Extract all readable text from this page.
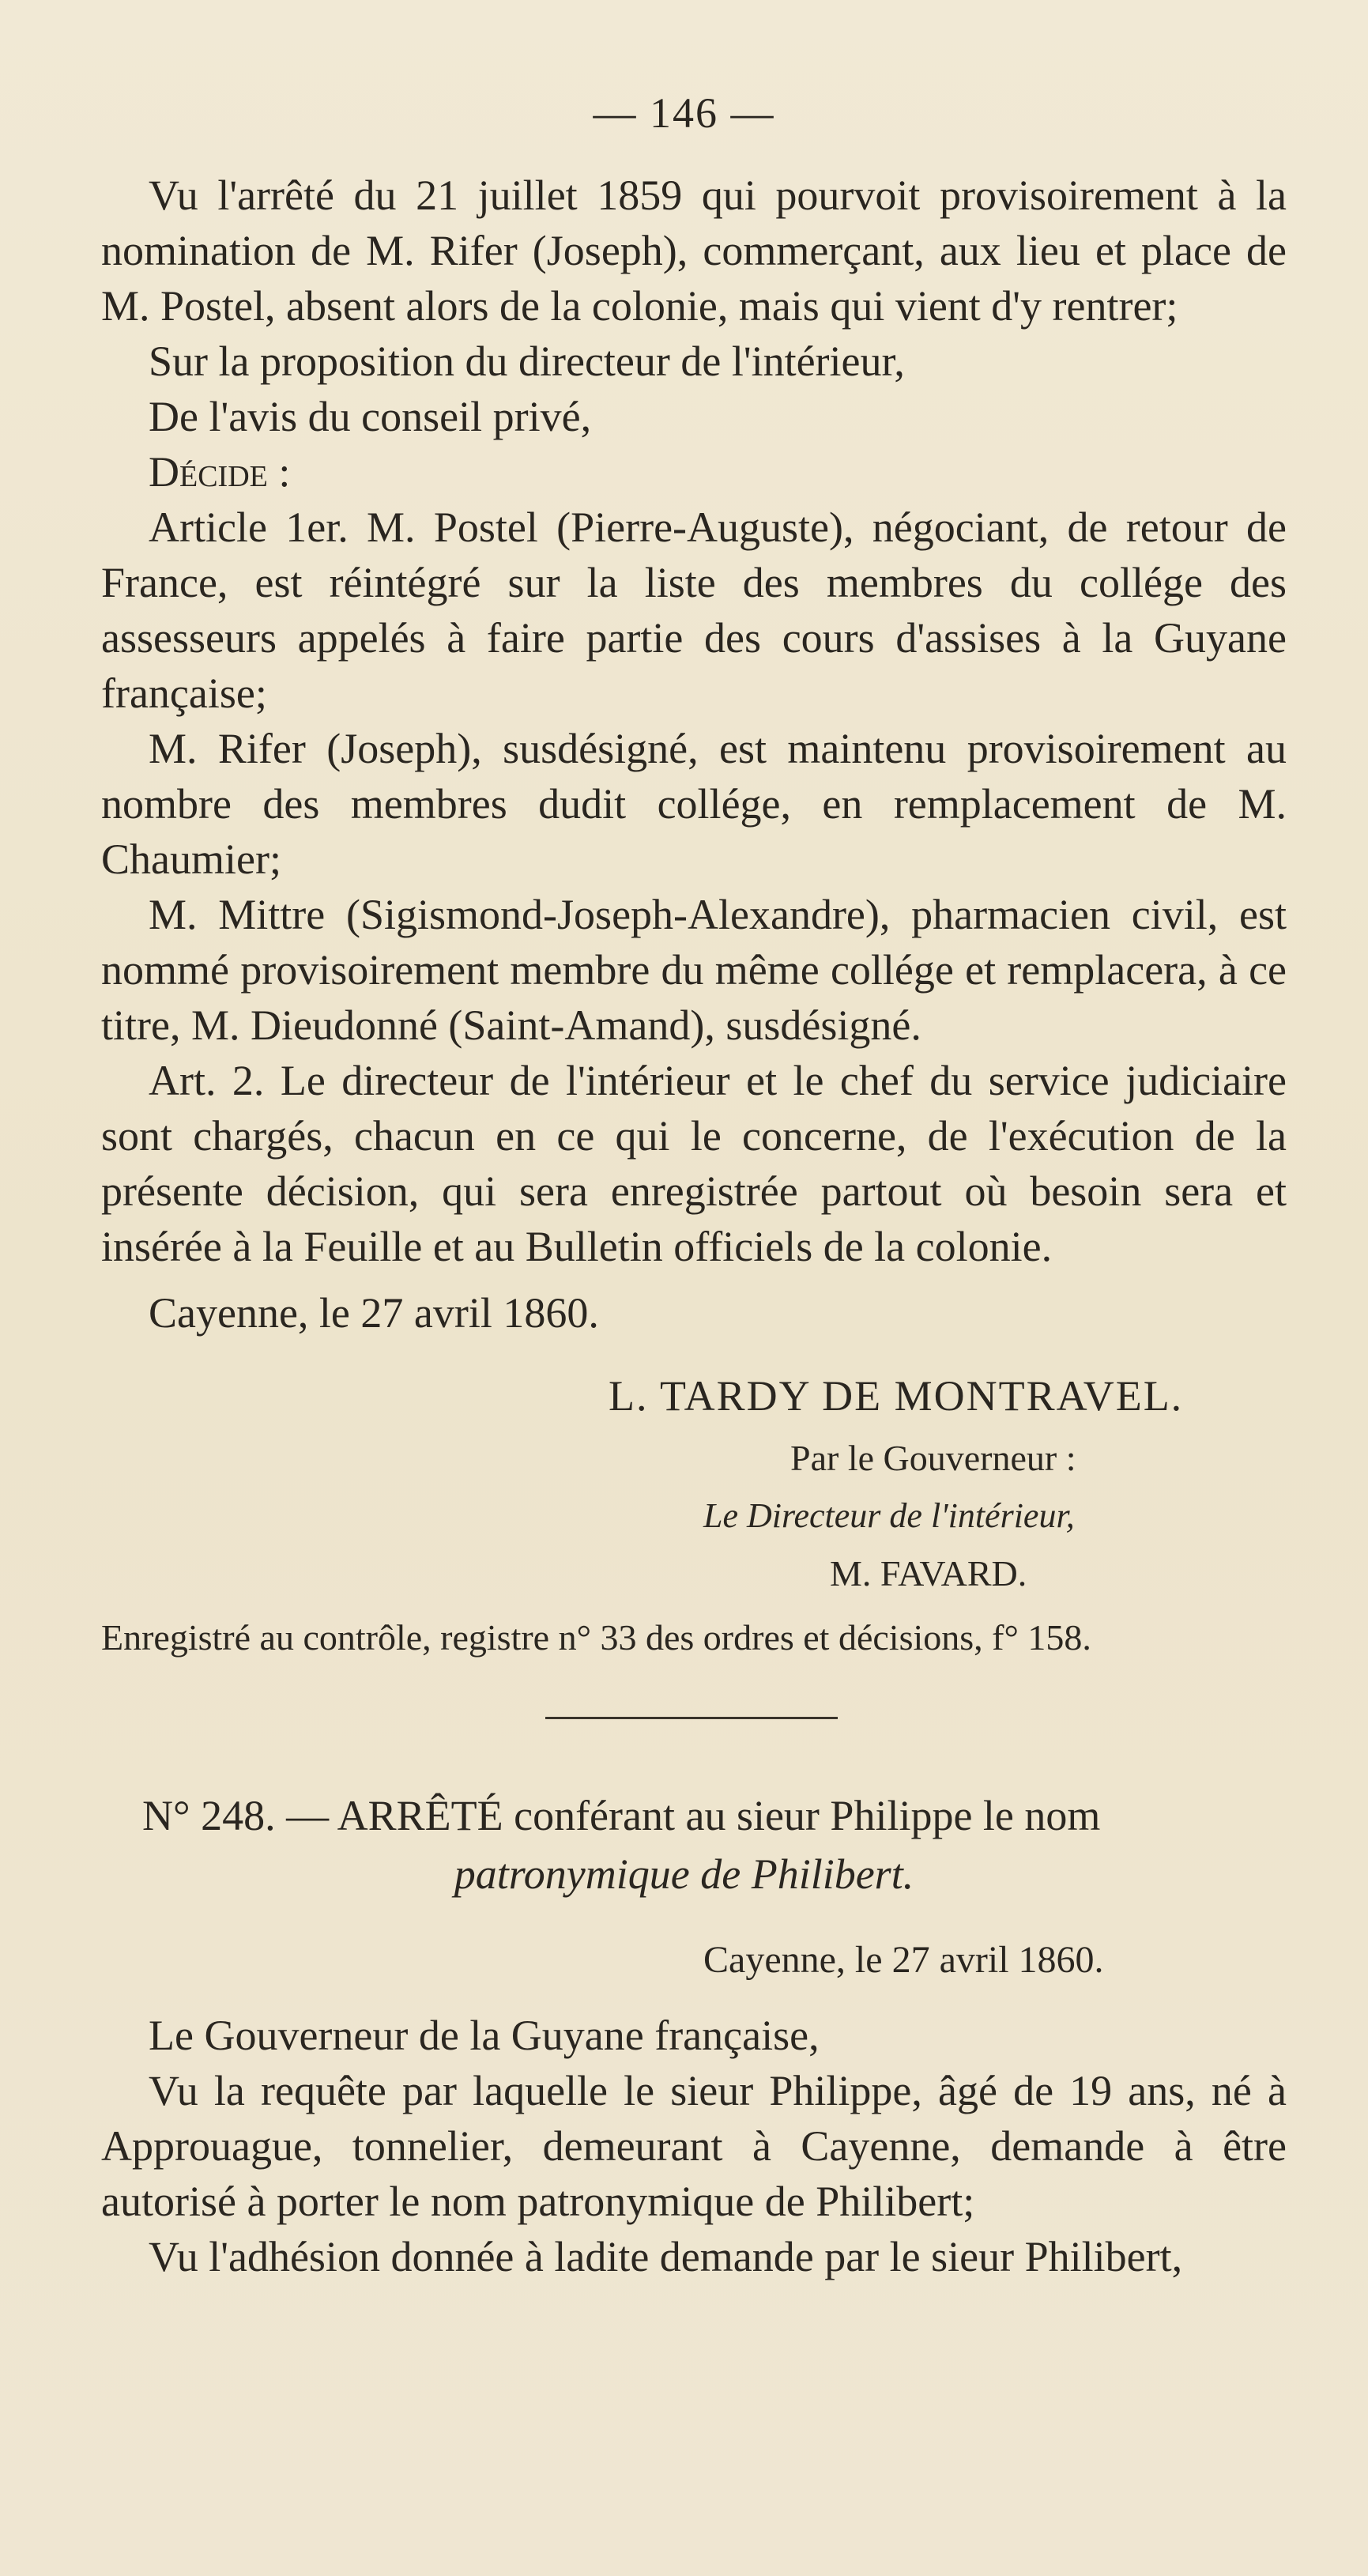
— 146 —

Vu l'arrêté du 21 juillet 1859 qui pourvoit provisoirement à la nomination de M. Rifer (Joseph), commerçant, aux lieu et place de M. Postel, absent alors de la colonie, mais qui vient d'y rentrer;

Sur la proposition du directeur de l'intérieur,

De l'avis du conseil privé,

Décide :

Article 1er. M. Postel (Pierre-Auguste), négociant, de retour de France, est réintégré sur la liste des membres du collége des assesseurs appelés à faire partie des cours d'assises à la Guyane française;

M. Rifer (Joseph), susdésigné, est maintenu provisoirement au nombre des membres dudit collége, en remplacement de M. Chaumier;

M. Mittre (Sigismond-Joseph-Alexandre), pharmacien civil, est nommé provisoirement membre du même collége et remplacera, à ce titre, M. Dieudonné (Saint-Amand), susdésigné.

Art. 2. Le directeur de l'intérieur et le chef du service judiciaire sont chargés, chacun en ce qui le concerne, de l'exécution de la présente décision, qui sera enregistrée partout où besoin sera et insérée à la Feuille et au Bulletin officiels de la colonie.

Cayenne, le 27 avril 1860.

L. TARDY DE MONTRAVEL.
Par le Gouverneur :
Le Directeur de l'intérieur,
M. FAVARD.
Enregistré au contrôle, registre n° 33 des ordres et décisions, f° 158.
N° 248. — ARRÊTÉ conférant au sieur Philippe le nom
patronymique de Philibert.
Cayenne, le 27 avril 1860.

Le Gouverneur de la Guyane française,

Vu la requête par laquelle le sieur Philippe, âgé de 19 ans, né à Approuague, tonnelier, demeurant à Cayenne, demande à être autorisé à porter le nom patronymique de Philibert;

Vu l'adhésion donnée à ladite demande par le sieur Philibert,
